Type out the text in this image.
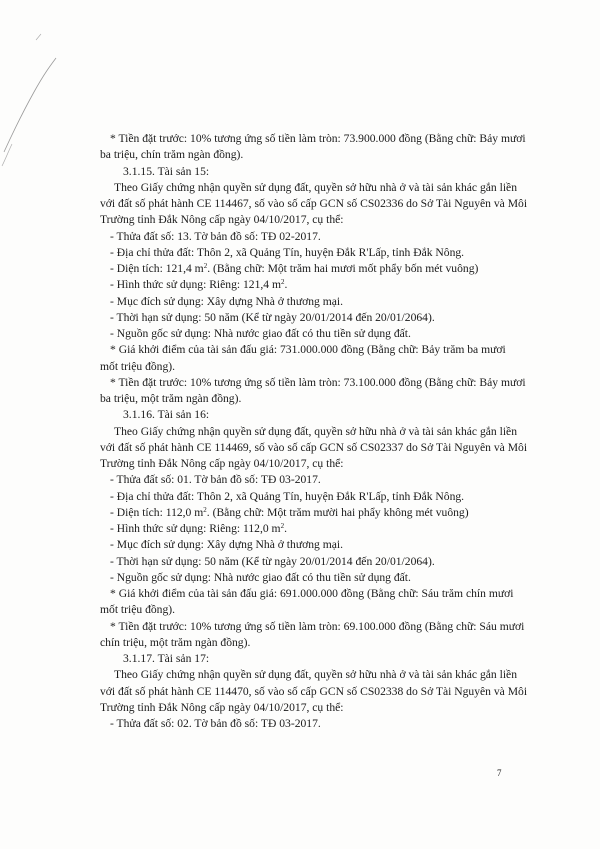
* Tiền đặt trước: 10% tương ứng số tiền làm tròn: 73.900.000 đồng (Bằng chữ: Bảy mươi
ba triệu, chín trăm ngàn đồng).
3.1.15. Tài sản 15:
Theo Giấy chứng nhận quyền sử dụng đất, quyền sở hữu nhà ở và tài sản khác gắn liền
với đất số phát hành CE 114467, số vào số cấp GCN số CS02336 do Sở Tài Nguyên và Môi
Trường tỉnh Đắk Nông cấp ngày 04/10/2017, cụ thể:
- Thửa đất số: 13. Tờ bản đồ số: TĐ 02-2017.
- Địa chỉ thửa đất: Thôn 2, xã Quảng Tín, huyện Đắk R'Lấp, tỉnh Đắk Nông.
- Diện tích: 121,4 $m^2$. (Bằng chữ: Một trăm hai mươi mốt phẩy bốn mét vuông)
- Hình thức sử dụng: Riêng: 121,4 $m^2$.
- Mục đích sử dụng: Xây dựng Nhà ở thương mại.
- Thời hạn sử dụng: 50 năm (Kể từ ngày 20/01/2014 đến 20/01/2064).
- Nguồn gốc sử dụng: Nhà nước giao đất có thu tiền sử dụng đất.
* Giá khởi điểm của tài sản đấu giá: 731.000.000 đồng (Bằng chữ: Bảy trăm ba mươi
mốt triệu đồng).
* Tiền đặt trước: 10% tương ứng số tiền làm tròn: 73.100.000 đồng (Bằng chữ: Bảy mươi
ba triệu, một trăm ngàn đồng).
3.1.16. Tài sản 16:
Theo Giấy chứng nhận quyền sử dụng đất, quyền sở hữu nhà ở và tài sản khác gắn liền
với đất số phát hành CE 114469, số vào số cấp GCN số CS02337 do Sở Tài Nguyên và Môi
Trường tỉnh Đắk Nông cấp ngày 04/10/2017, cụ thể:
- Thửa đất số: 01. Tờ bản đồ số: TĐ 03-2017.
- Địa chỉ thửa đất: Thôn 2, xã Quảng Tín, huyện Đắk R'Lấp, tỉnh Đắk Nông.
- Diện tích: 112,0 $m^2$. (Bằng chữ: Một trăm mười hai phẩy không mét vuông)
- Hình thức sử dụng: Riêng: 112,0 $m^2$.
- Mục đích sử dụng: Xây dựng Nhà ở thương mại.
- Thời hạn sử dụng: 50 năm (Kể từ ngày 20/01/2014 đến 20/01/2064).
- Nguồn gốc sử dụng: Nhà nước giao đất có thu tiền sử dụng đất.
* Giá khởi điểm của tài sản đấu giá: 691.000.000 đồng (Bằng chữ: Sáu trăm chín mươi
mốt triệu đồng).
* Tiền đặt trước: 10% tương ứng số tiền làm tròn: 69.100.000 đồng (Bằng chữ: Sáu mươi
chín triệu, một trăm ngàn đồng).
3.1.17. Tài sản 17:
Theo Giấy chứng nhận quyền sử dụng đất, quyền sở hữu nhà ở và tài sản khác gắn liền
với đất số phát hành CE 114470, số vào số cấp GCN số CS02338 do Sở Tài Nguyên và Môi
Trường tỉnh Đắk Nông cấp ngày 04/10/2017, cụ thể:
- Thửa đất số: 02. Tờ bản đồ số: TĐ 03-2017.
7
